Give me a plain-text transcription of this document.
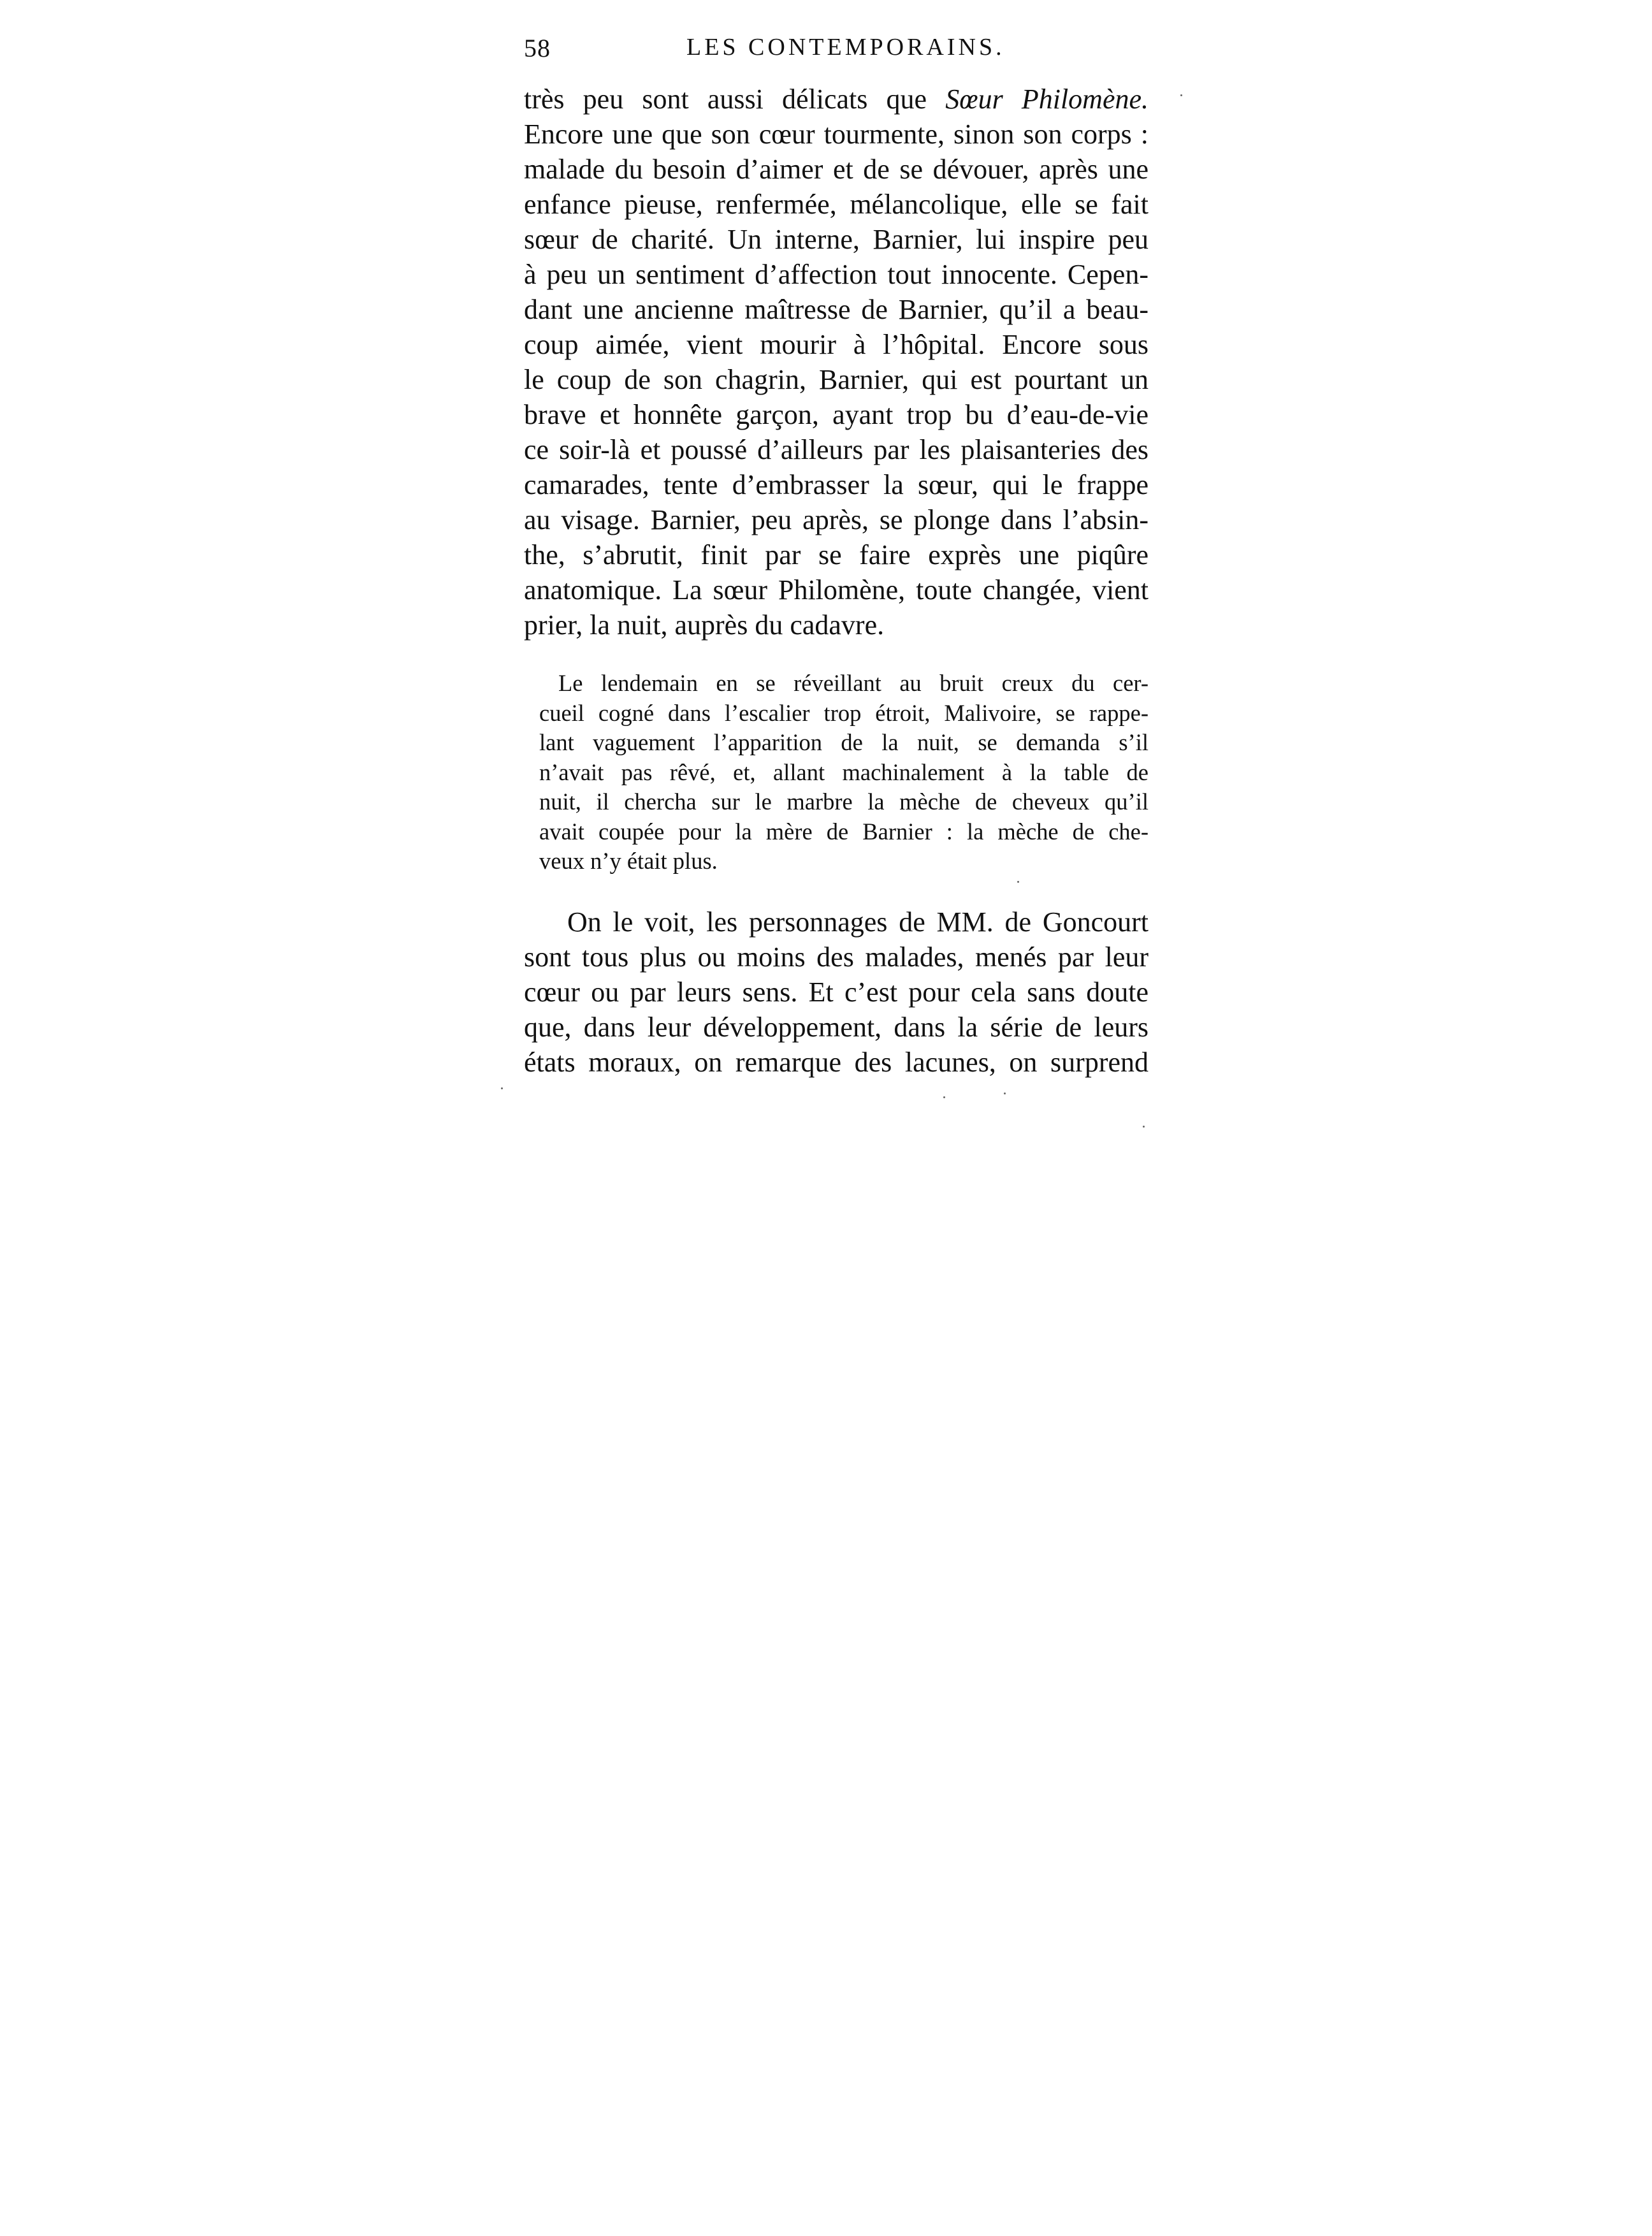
58	LES CONTEMPORAINS.
très peu sont aussi délicats que Sœur Philomène.
Encore une que son cœur tourmente, sinon son corps :
malade du besoin d’aimer et de se dévouer, après une
enfance pieuse, renfermée, mélancolique, elle se fait
sœur de charité. Un interne, Barnier, lui inspire peu
à peu un sentiment d’affection tout innocente. Cepen-
dant une ancienne maîtresse de Barnier, qu’il a beau-
coup aimée, vient mourir à l’hôpital. Encore sous
le coup de son chagrin, Barnier, qui est pourtant un
brave et honnête garçon, ayant trop bu d’eau-de-vie
ce soir-là et poussé d’ailleurs par les plaisanteries des
camarades, tente d’embrasser la sœur, qui le frappe
au visage. Barnier, peu après, se plonge dans l’absin-
the, s’abrutit, finit par se faire exprès une piqûre
anatomique. La sœur Philomène, toute changée, vient
prier, la nuit, auprès du cadavre.
Le lendemain en se réveillant au bruit creux du cer-
cueil cogné dans l’escalier trop étroit, Malivoire, se rappe-
lant vaguement l’apparition de la nuit, se demanda s’il
n’avait pas rêvé, et, allant machinalement à la table de
nuit, il chercha sur le marbre la mèche de cheveux qu’il
avait coupée pour la mère de Barnier : la mèche de che-
veux n’y était plus.
On le voit, les personnages de MM. de Goncourt
sont tous plus ou moins des malades, menés par leur
cœur ou par leurs sens. Et c’est pour cela sans doute
que, dans leur développement, dans la série de leurs
états moraux, on remarque des lacunes, on surprend
